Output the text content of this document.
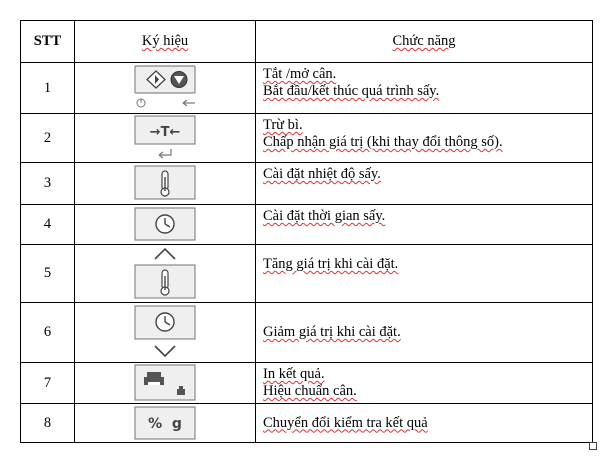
STT	Ký hiệu	Chức năng
1		Tắt /mở cân.
Bắt đầu/kết thúc quá trình sấy.

2	→T←	Trừ bì.
Chấp nhận giá trị (khi thay đổi thông số).

3		Cài đặt nhiệt độ sấy.

4		Cài đặt thời gian sấy.

5		Tăng giá trị khi cài đặt.

6		Giảm giá trị khi cài đặt.

7		In kết quả.
Hiệu chuẩn cân.

8	%  g	Chuyển đổi kiểm tra kết quả
